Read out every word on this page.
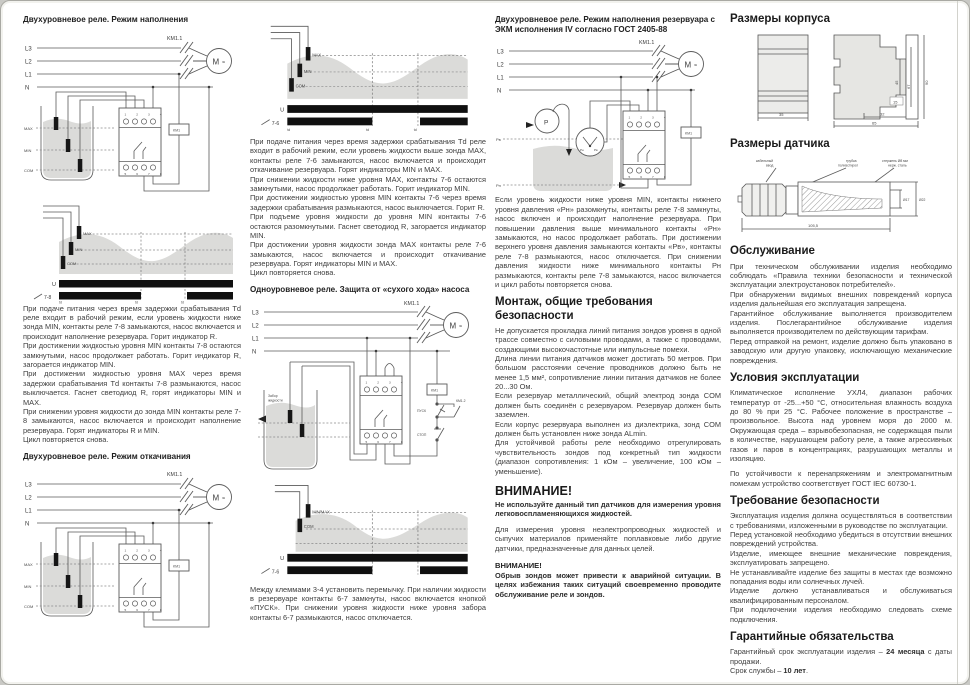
Двухуровневое реле. Режим наполнения
L3
L2
L1
N
KM1.1
M ≈
MAX
MIN
COM
1 2 3 4
5 6 7 8
KM1
MAX
MIN
COM
U
7-8
td	td	td

При подаче питания через время задержки срабатывания Td реле входит в рабочий режим, если уровень жидкости ниже зонда MIN, контакты реле 7-8 замыкаются, насос включается и происходит наполнение резервуара. Горит индикатор R.

При достижении жидкостью уровня MIN контакты 7-8 остаются замкнутыми, насос продолжает работать. Горит индикатор R, загорается индикатор MIN.

При достижении жидкостью уровня MAX через время задержки срабатывания Td контакты 7-8 размыкаются, насос выключается. Гаснет светодиод R, горят индикаторы MIN и MAX.

При снижении уровня жидкости до зонда MIN контакты реле 7-8 замыкаются, насос включается и происходит наполнение резервуара. Горят индикаторы R и MIN.

Цикл повторяется снова.

Двухуровневое реле. Режим откачивания
L3
L2
L1
N
KM1.1
M ≈
MAX
MIN
COM
1 2 3 4
5 6 7 8
KM1
MAX
MIN
COM
U
7-6
td	td	td

При подаче питания через время задержки срабатывания Td реле входит в рабочий режим, если уровень жидкости выше зонда MAX, контакты реле 7-6 замыкаются, насос включается и происходит откачивание резервуара. Горят индикаторы MIN и MAX.

При снижении жидкости ниже уровня MAX, контакты 7-6 остаются замкнутыми, насос продолжает работать. Горит индикатор MIN.

При достижении жидкостью уровня MIN контакты 7-6 через время задержки срабатывания размыкаются, насос выключается. Горит R.

При подъеме уровня жидкости до уровня MIN контакты 7-6 остаются разомкнутыми. Гаснет светодиод R, загорается индикатор MIN.

При достижении уровня жидкости зонда MAX контакты реле 7-6 замыкаются, насос включается и происходит откачивание резервуара. Горят индикаторы MIN и MAX.

Цикл повторяется снова.

Одноуровневое реле. Защита от «сухого хода» насоса
L3
L2
L1
N
KM1.1
M ≈
Забор
жидкости
1 2 3 4
5 6 7 8
KM1
ПУСК
КМ1.2
СТОП
MIN/MAX
COM
U
7-6

Между клеммами 3-4 установить перемычку. При наличии жидкости в резервуаре контакты 6-7 замкнуты, насос включается кнопкой «ПУСК». При снижении уровня жидкости ниже уровня забора контакты 6-7 размыкаются, насос отключается.

Двухуровневое реле. Режим наполнения резервуара с ЭКМ исполнения IV согласно ГОСТ 2405-88
L3
L2
L1
N
KM1.1
M ≈
Pв
Pн
P
Pн	Pв
1 2 3 4
5 6 7 8
KM1

Если уровень жидкости ниже уровня MIN, контакты нижнего уровня давления «Рн» разомкнуты, контакты реле 7-8 замкнуты, насос включен и происходит наполнение резервуара. При повышении давления выше минимального контакты «Рн» замыкаются, но насос продолжает работать. При достижении верхнего уровня давления замыкаются контакты «Рв», контакты реле 7-8 размыкаются, насос отключается. При снижении давления жидкости ниже минимального контакты Рн размыкаются, контакты реле 7-8 замыкаются, насос включается и цикл работы повторяется снова.

Монтаж, общие требования безопасности

Не допускается прокладка линий питания зондов уровня в одной трассе совместно с силовыми проводами, а также с проводами, создающими высокочастотные или импульсные помехи.

Длина линии питания датчиков может достигать 50 метров. При большом расстоянии сечение проводников должно быть не менее 1,5 мм², сопротивление линии питания датчиков не более 20...30 Ом.

Если резервуар металлический, общий электрод зонда COM должен быть соединён с резервуаром. Резервуар должен быть заземлен.

Если корпус резервуара выполнен из диэлектрика, зонд COM должен быть установлен ниже зонда ALmin.

Для устойчивой работы реле необходимо отрегулировать чувствительность зондов под конкретный тип жидкости (диапазон сопротивления: 1 кОм – увеличение, 100 кОм – уменьшение).

ВНИМАНИЕ!

Не используйте данный тип датчиков для измерения уровня легковоспламеняющихся жидкостей.

Для измерения уровня неэлектропроводных жидкостей и сыпучих материалов применяйте поплавковые либо другие датчики, предназначенные для данных целей.

ВНИМАНИЕ!

Обрыв зондов может привести к аварийной ситуации. В целях избежания таких ситуаций своевременно проводите обслуживание реле и зондов.

Размеры корпуса
35
45
67
90
15
32
65
Размеры датчика
кабельный
ввод
трубка
полиэстирол
стержень Ø8 мм
нерж. сталь
Ø17	Ø22
105,5
Обслуживание

При техническом обслуживании изделия необходимо соблюдать «Правила техники безопасности и технической эксплуатации электроустановок потребителей».

При обнаружении видимых внешних повреждений корпуса изделия дальнейшая его эксплуатация запрещена.

Гарантийное обслуживание выполняется производителем изделия. Послегарантийное обслуживание изделия выполняется производителем по действующим тарифам.

Перед отправкой на ремонт, изделие должно быть упаковано в заводскую или другую упаковку, исключающую механические повреждения.

Условия эксплуатации

Климатическое исполнение УХЛ4, диапазон рабочих температур от -25...+50 °С, относительная влажность воздуха до 80 % при 25 °С. Рабочее положение в пространстве – произвольное. Высота над уровнем моря до 2000 м. Окружающая среда – взрывобезопасная, не содержащая пыли в количестве, нарушающем работу реле, а также агрессивных газов и паров в концентрациях, разрушающих металлы и изоляцию.

По устойчивости к перенапряжениям и электромагнитным помехам устройство соответствует ГОСТ IEC 60730-1.

Требование безопасности

Эксплуатация изделия должна осуществляться в соответствии с требованиями, изложенными в руководстве по эксплуатации.

Перед установкой необходимо убедиться в отсутствии внешних повреждений устройства.

Изделие, имеющее внешние механические повреждения, эксплуатировать запрещено.

Не устанавливайте изделие без защиты в местах где возможно попадания воды или солнечных лучей.

Изделие должно устанавливаться и обслуживаться квалифицированным персоналом.

При подключении изделия необходимо следовать схеме подключения.

Гарантийные обязательства

Гарантийный срок эксплуатации изделия – 24 месяца с даты продажи.

Срок службы – 10 лет.
